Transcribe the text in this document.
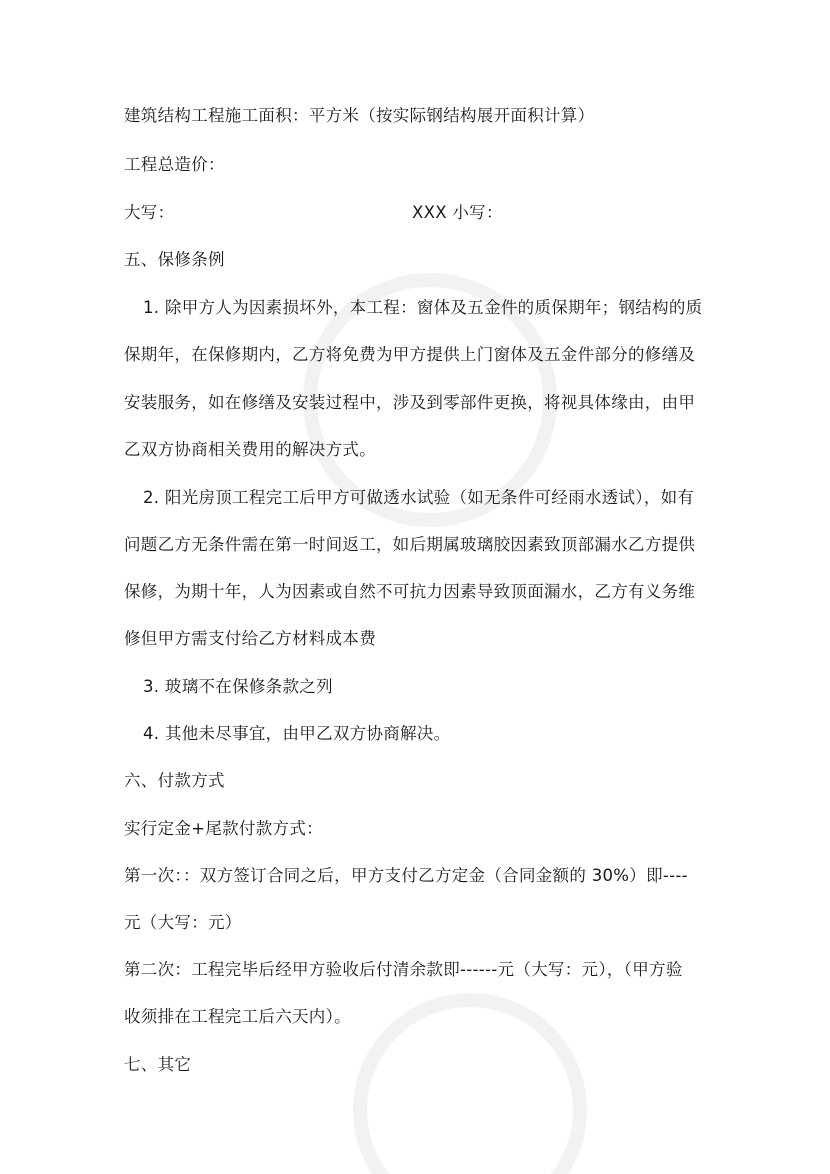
建筑结构工程施工面积：平方米（按实际钢结构展开面积计算）
工程总造价：
大写：	XXX 小写：
五、保修条例
1. 除甲方人为因素损坏外，本工程：窗体及五金件的质保期年；钢结构的质
保期年，在保修期内，乙方将免费为甲方提供上门窗体及五金件部分的修缮及
安装服务，如在修缮及安装过程中，涉及到零部件更换，将视具体缘由，由甲
乙双方协商相关费用的解决方式。
2. 阳光房顶工程完工后甲方可做透水试验（如无条件可经雨水透试），如有
问题乙方无条件需在第一时间返工，如后期属玻璃胶因素致顶部漏水乙方提供
保修，为期十年，人为因素或自然不可抗力因素导致顶面漏水，乙方有义务维
修但甲方需支付给乙方材料成本费
3. 玻璃不在保修条款之列
4. 其他未尽事宜，由甲乙双方协商解决。
六、付款方式
实行定金+尾款付款方式：
第一次：：双方签订合同之后，甲方支付乙方定金（合同金额的 30%）即----
元（大写：元）
第二次：工程完毕后经甲方验收后付清余款即------元（大写：元），（甲方验
收须排在工程完工后六天内）。
七、其它
